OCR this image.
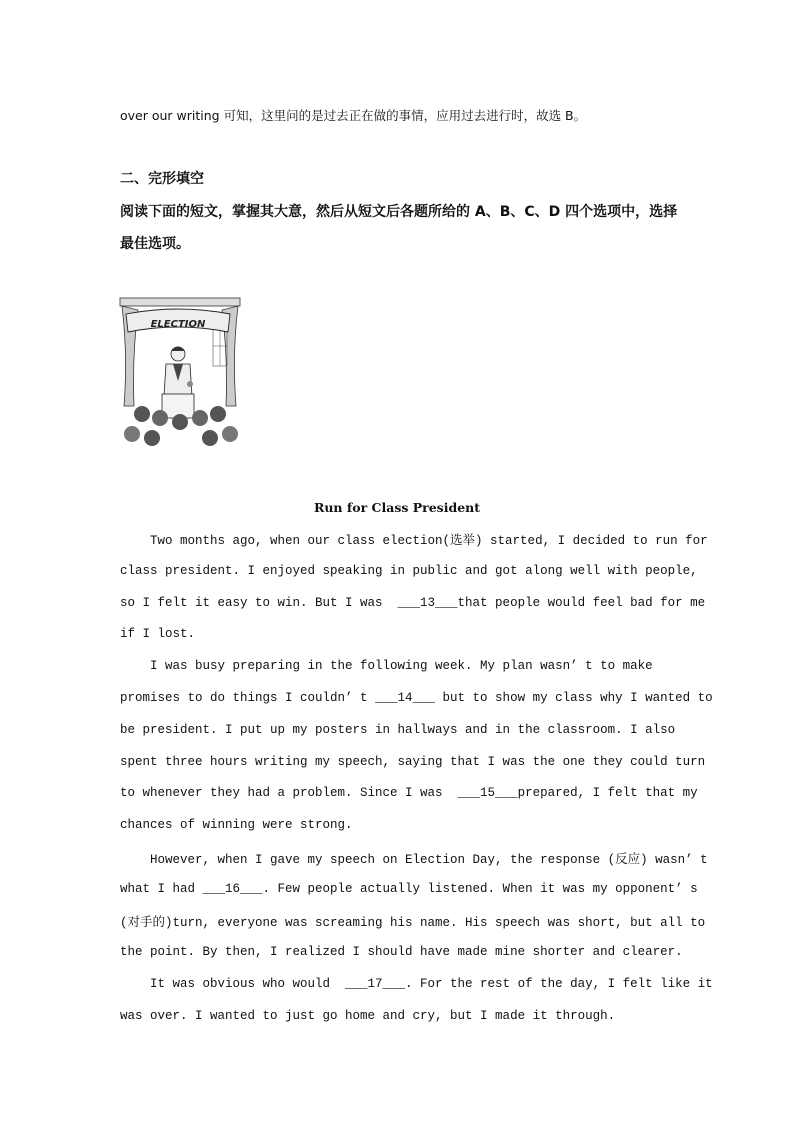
over our writing 可知，这里问的是过去正在做的事情，应用过去进行时，故选 B。
二、完形填空
阅读下面的短文，掌握其大意，然后从短文后各题所给的 A、B、C、D 四个选项中，选择
最佳选项。
ELECTION
Run for Class President
Two months ago, when our class election(选举) started, I decided to run for
class president. I enjoyed speaking in public and got along well with people,
so I felt it easy to win. But I was  ___13___that people would feel bad for me
if I lost.
I was busy preparing in the following week. My plan wasn’ t to make
promises to do things I couldn’ t ___14___ but to show my class why I wanted to
be president. I put up my posters in hallways and in the classroom. I also
spent three hours writing my speech, saying that I was the one they could turn
to whenever they had a problem. Since I was  ___15___prepared, I felt that my
chances of winning were strong.
However, when I gave my speech on Election Day, the response (反应) wasn’ t
what I had ___16___. Few people actually listened. When it was my opponent’ s
(对手的)turn, everyone was screaming his name. His speech was short, but all to
the point. By then, I realized I should have made mine shorter and clearer.
It was obvious who would  ___17___. For the rest of the day, I felt like it
was over. I wanted to just go home and cry, but I made it through.
